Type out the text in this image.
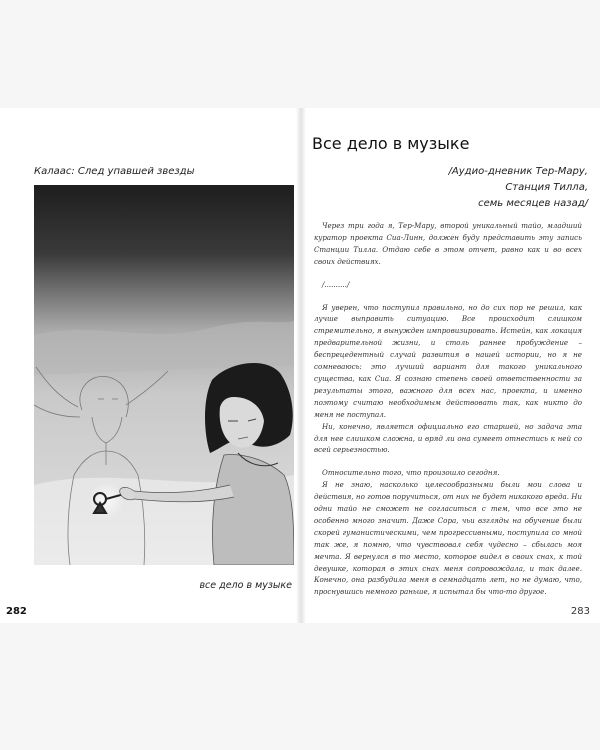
Калаас: След упавшей звезды
все дело в музыке
282
Все дело в музыке
/Аудио-дневник Тер-Мару,
Станция Тилла,
семь месяцев назад/

Через три года я, Тер-Мару, второй уникальный тайо, младший куратор проекта Сиа-Линн, должен буду представить эту запись Станции Тилла. Отдаю себе в этом отчет, равно как и во всех своих действиях.

/........../

Я уверен, что поступил правильно, но до сих пор не решил, как лучше выправить ситуацию. Все происходит слишком стремительно, я вынужден импровизировать. Истейн, как локация предварительной жизни, и столь раннее пробуждение – беспрецедентный случай развития в нашей истории, но я не сомневаюсь: это лучший вариант для такого уникального существа, как Сиа. Я сознаю степень своей ответственности за результаты этого, важного для всех нас, проекта, и именно поэтому считаю необходимым действовать так, как никто до меня не поступал.

Ни, конечно, является официально его старшей, но задача эта для нее слишком сложна, и вряд ли она сумеет отнестись к ней со всей серьезностью.

Относительно того, что произошло сегодня.

Я не знаю, насколько целесообразными были мои слова и действия, но готов поручиться, от них не будет никакого вреда. Ни одни тайо не сможет не согласиться с тем, что все это не особенно много значит. Даже Сора, чьи взгляды на обучение были скорей гуманистическими, чем прогрессивными, поступила со мной так же, я помню, что чувствовал себя чудесно – сбылась моя мечта. Я вернулся в то место, которое видел в своих снах, к той девушке, которая в этих снах меня сопровождала, и так далее. Конечно, она разбудила меня в семнадцать лет, но не думаю, что, проснувшись немного раньше, я испытал бы что-то другое.

283
